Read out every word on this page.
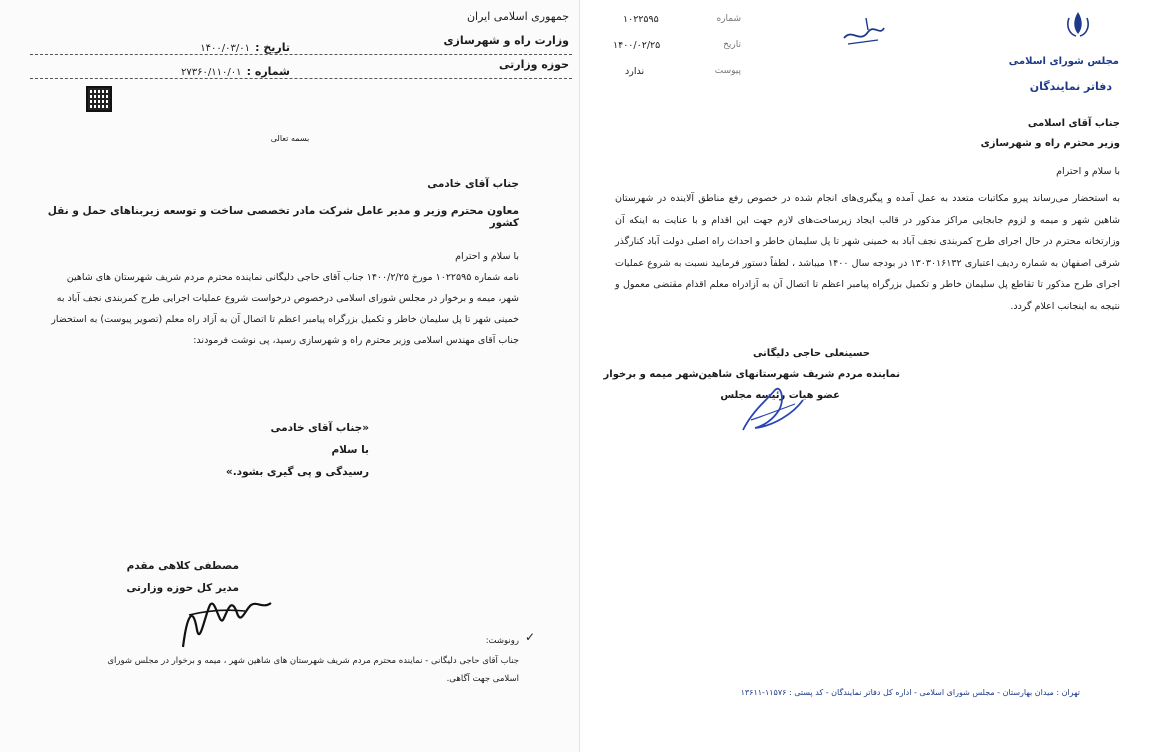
جمهوری اسلامی ایران
وزارت راه و شهرسازی
حوزه وزارتی
تاریخ : ۱۴۰۰/۰۳/۰۱
شماره : ۲۷۳۶۰/۱۱۰/۰۱
بسمه تعالی
جناب آقای خادمی
معاون محترم وزیر و مدیر عامل شرکت مادر تخصصی ساخت و توسعه زیربناهای حمل و نقل کشور
با سلام و احترام
نامه شماره ۱۰۲۲۵۹۵ مورخ ۱۴۰۰/۲/۲۵ جناب آقای حاجی دلیگانی نماینده محترم مردم شریف شهرستان های شاهین شهر، میمه و برخوار در مجلس شورای اسلامی درخصوص درخواست شروع عملیات اجرایی طرح کمربندی نجف آباد به خمینی شهر تا پل سلیمان خاطر و تکمیل بزرگراه پیامبر اعظم تا اتصال آن به آزاد راه معلم (تصویر پیوست) به استحضار جناب آقای مهندس اسلامی وزیر محترم راه و شهرسازی رسید، پی نوشت فرمودند:
«جناب آقای خادمی
با سلام
رسیدگی و پی گیری بشود.»
مصطفی کلاهی مقدم
مدیر کل حوزه وزارتی
✓
رونوشت:
جناب آقای حاجی دلیگانی - نماینده محترم مردم شریف شهرستان های شاهین شهر ، میمه و برخوار در مجلس شورای اسلامی جهت آگاهی.
۱۰۲۲۵۹۵	شماره
۱۴۰۰/۰۲/۲۵	تاریخ
ندارد	پیوست
مجلس شورای اسلامی
دفاتر نمایندگان
جناب آقای اسلامی
وزیر محترم راه و شهرسازی
با سلام و احترام
به استحضار می‌رساند پیرو مکاتبات متعدد به عمل آمده و پیگیری‌های انجام شده در خصوص رفع مناطق آلاینده در شهرستان شاهین شهر و میمه و لزوم جابجایی مراکز مذکور در قالب ایجاد زیرساخت‌های لازم جهت این اقدام و با عنایت به اینکه آن وزارتخانه محترم در حال اجرای طرح کمربندی نجف آباد به خمینی شهر تا پل سلیمان خاطر و احداث راه اصلی دولت آباد کنارگذر شرقی اصفهان به شماره ردیف اعتباری ۱۳۰۳۰۱۶۱۳۲ در بودجه سال ۱۴۰۰ میباشد ، لطفاً دستور فرمایید نسبت به شروع عملیات اجرای طرح مذکور تا تقاطع پل سلیمان خاطر و تکمیل بزرگراه پیامبر اعظم تا اتصال آن به آزادراه معلم اقدام مقتضی معمول و نتیجه به اینجانب اعلام گردد.
حسینعلی حاجی دلیگانی
نماینده مردم شریف شهرستانهای شاهین‌شهر میمه و برخوار
عضو هیات رئیسه مجلس
تهران : میدان بهارستان - مجلس شورای اسلامی - اداره کل دفاتر نمایندگان - کد پستی : ۱۱۵۷۶-۱۳۶۱۱
